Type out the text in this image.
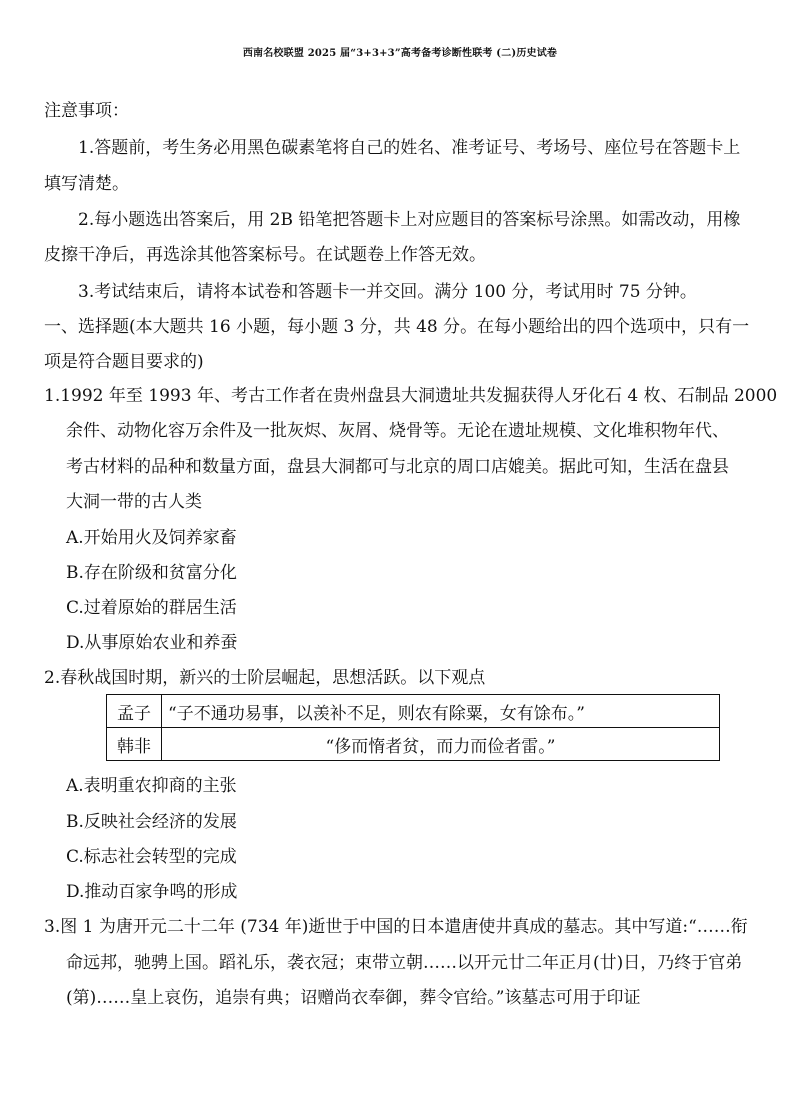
西南名校联盟 2025 届“3+3+3”高考备考诊断性联考 (二)历史试卷
注意事项：
1.答题前，考生务必用黑色碳素笔将自己的姓名、准考证号、考场号、座位号在答题卡上
填写清楚。
2.每小题选出答案后，用 2B 铅笔把答题卡上对应题目的答案标号涂黑。如需改动，用橡
皮擦干净后，再选涂其他答案标号。在试题卷上作答无效。
3.考试结束后，请将本试卷和答题卡一并交回。满分 100 分，考试用时 75 分钟。
一、选择题(本大题共 16 小题，每小题 3 分，共 48 分。在每小题给出的四个选项中，只有一
项是符合题目要求的)
1.1992 年至 1993 年、考古工作者在贵州盘县大洞遗址共发掘获得人牙化石 4 枚、石制品 2000
余件、动物化容万余件及一批灰烬、灰屑、烧骨等。无论在遗址规模、文化堆积物年代、
考古材料的品种和数量方面，盘县大洞都可与北京的周口店媲美。据此可知，生活在盘县
大洞一带的古人类
A.开始用火及饲养家畜
B.存在阶级和贫富分化
C.过着原始的群居生活
D.从事原始农业和养蚕
2.春秋战国时期，新兴的士阶层崛起，思想活跃。以下观点
孟子	“子不通功易事，以羡补不足，则农有除粟，女有馀布。”
韩非	“侈而惰者贫，而力而俭者雷。”
A.表明重农抑商的主张
B.反映社会经济的发展
C.标志社会转型的完成
D.推动百家争鸣的形成
3.图 1 为唐开元二十二年 (734 年)逝世于中国的日本遣唐使井真成的墓志。其中写道:“……衔
命远邦，驰骋上国。蹈礼乐，袭衣冠；束带立朝……以开元廿二年正月(廿)日，乃终于官弟
(第)……皇上哀伤，追崇有典；诏赠尚衣奉御，葬令官给。”该墓志可用于印证
